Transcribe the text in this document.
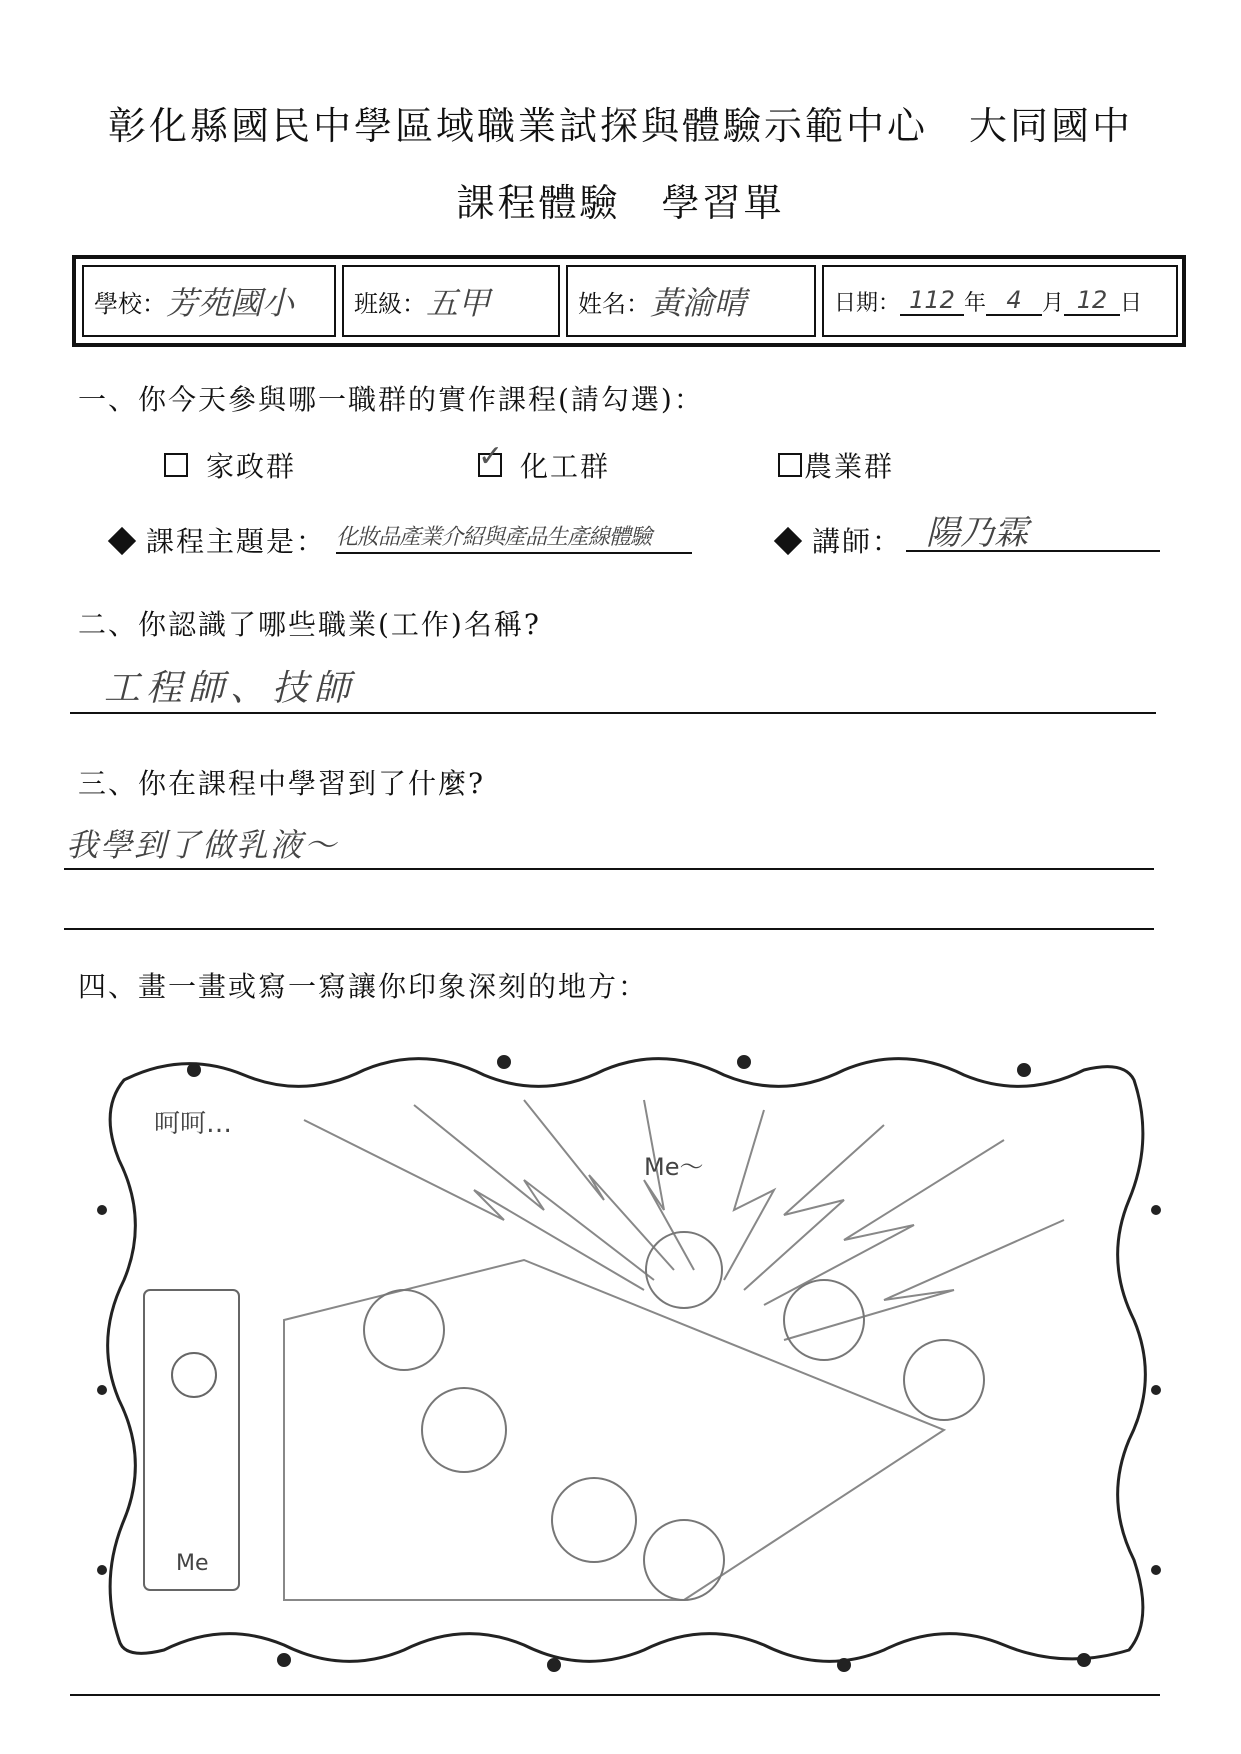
彰化縣國民中學區域職業試探與體驗示範中心　大同國中
課程體驗　學習單
學校： 芳苑國小 班級： 五甲	姓名： 黃渝晴	日期： 112 年 4 月 12 日
一、你今天參與哪一職群的實作課程(請勾選)：
家政群	✓ 化工群	農業群
課程主題是： 化妝品產業介紹與產品生產線體驗	講師： 陽乃霖
二、你認識了哪些職業(工作)名稱?
工程師、技師
三、你在課程中學習到了什麼?
我學到了做乳液～
四、畫一畫或寫一寫讓你印象深刻的地方：
呵呵…
Me～
Me
